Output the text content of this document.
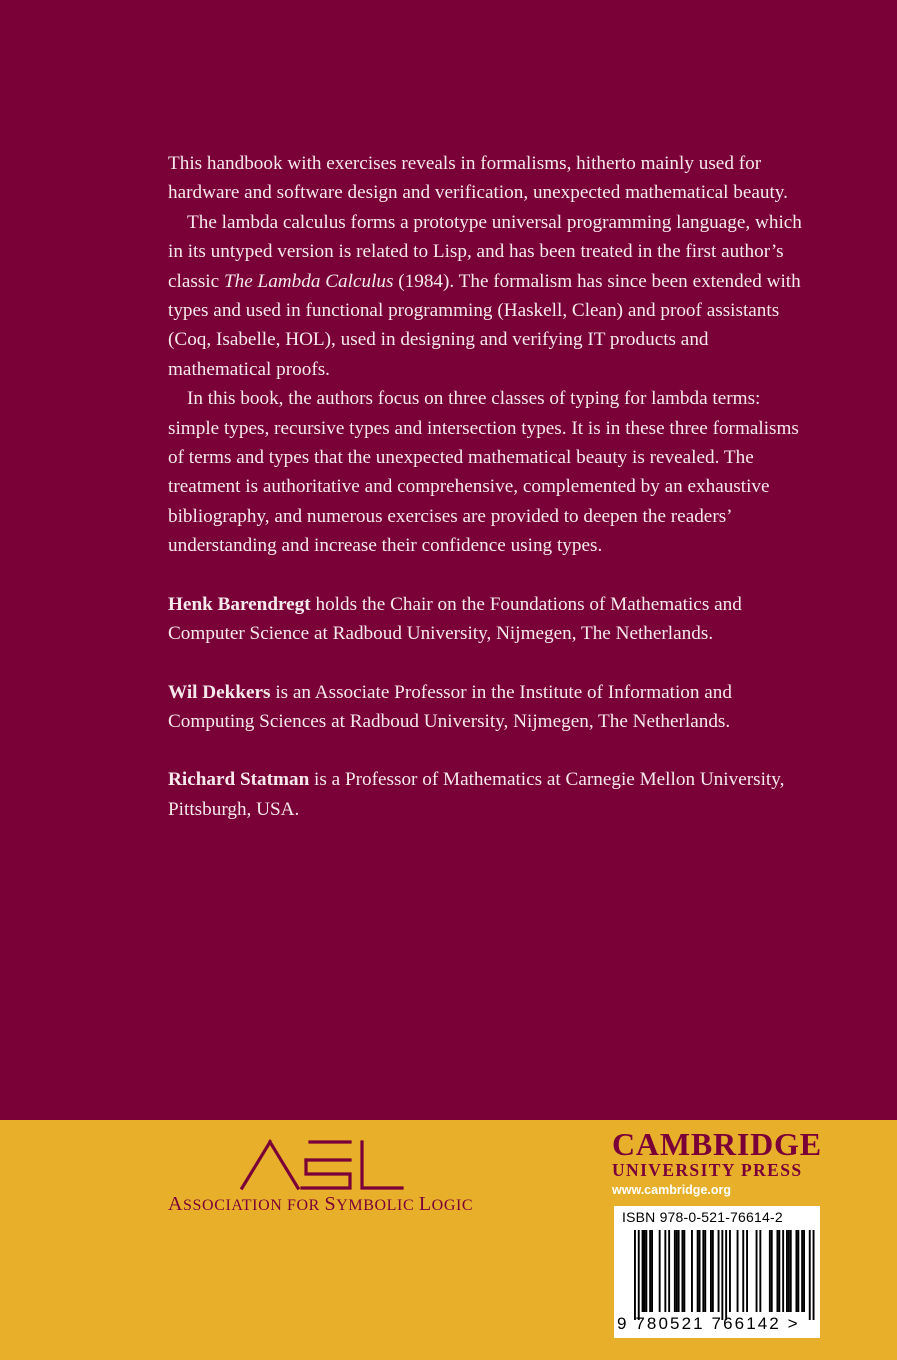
This handbook with exercises reveals in formalisms, hitherto mainly used for hardware and software design and verification, unexpected mathematical beauty.

The lambda calculus forms a prototype universal programming language, which in its untyped version is related to Lisp, and has been treated in the first author’s classic The Lambda Calculus (1984). The formalism has since been extended with types and used in functional programming (Haskell, Clean) and proof assistants (Coq, Isabelle, HOL), used in designing and verifying IT products and mathematical proofs.

In this book, the authors focus on three classes of typing for lambda terms: simple types, recursive types and intersection types. It is in these three formalisms of terms and types that the unexpected mathematical beauty is revealed. The treatment is authoritative and comprehensive, complemented by an exhaustive bibliography, and numerous exercises are provided to deepen the readers’ understanding and increase their confidence using types.

Henk Barendregt holds the Chair on the Foundations of Mathematics and Computer Science at Radboud University, Nijmegen, The Netherlands.

Wil Dekkers is an Associate Professor in the Institute of Information and Computing Sciences at Radboud University, Nijmegen, The Netherlands.

Richard Statman is a Professor of Mathematics at Carnegie Mellon University, Pittsburgh, USA.

ASSOCIATION FOR SYMBOLIC LOGIC
CAMBRIDGE
UNIVERSITY PRESS
www.cambridge.org
ISBN 978-0-521-76614-2
9 780521 766142 >
